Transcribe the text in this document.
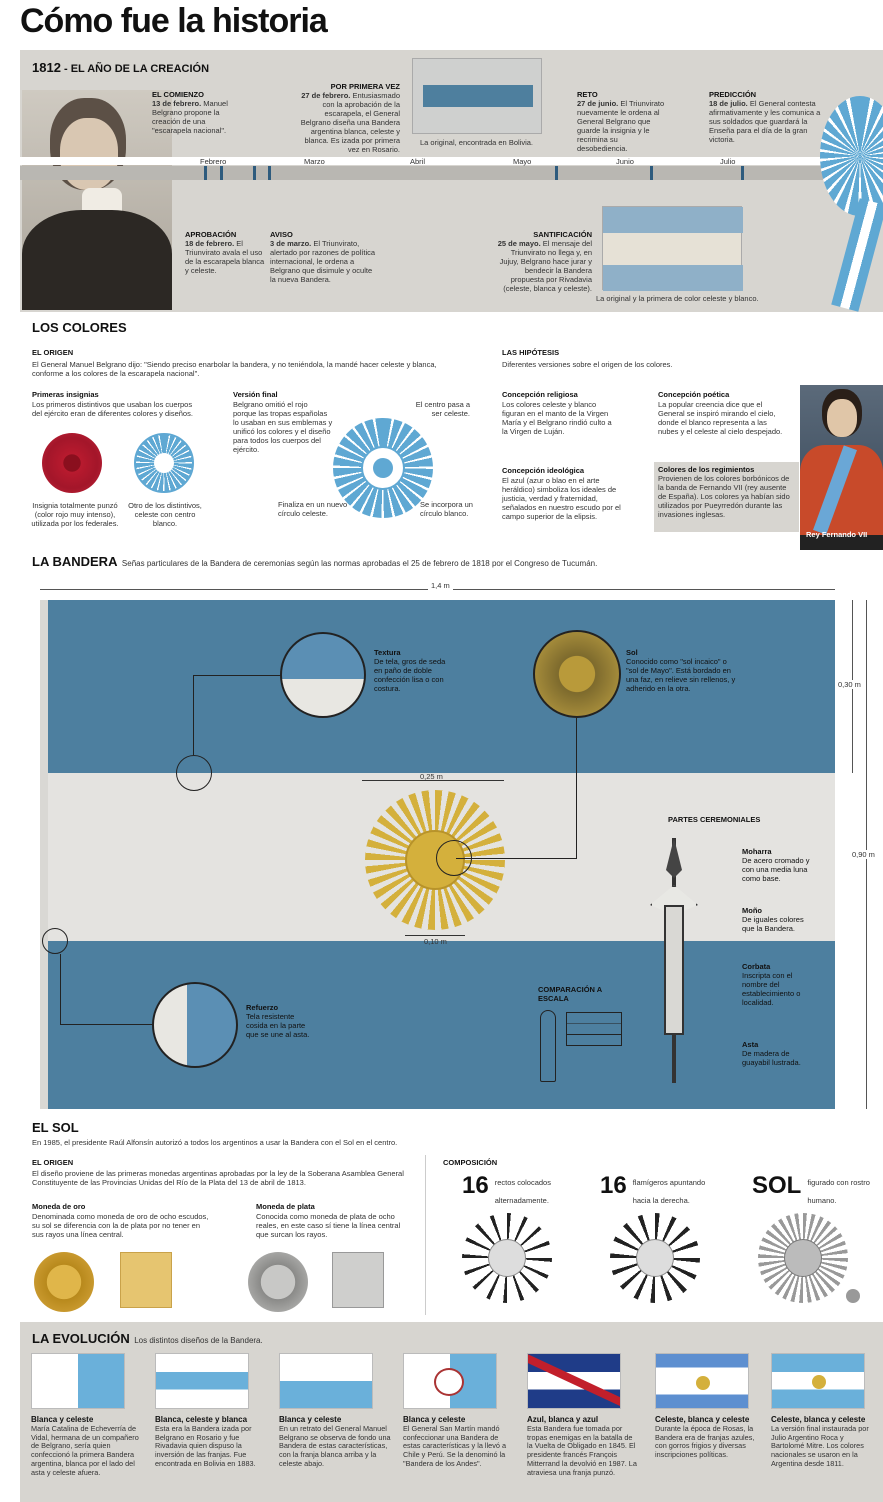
Cómo fue la historia
1812 - EL AÑO DE LA CREACIÓN
Febrero	Marzo	Abril	Mayo	Junio	Julio
EL COMIENZO
13 de febrero. Manuel Belgrano propone la creación de una "escarapela nacional".
APROBACIÓN
18 de febrero. El Triunvirato avala el uso de la escarapela blanca y celeste.
AVISO
3 de marzo. El Triunvirato, alertado por razones de política internacional, le ordena a Belgrano que disimule y oculte la nueva Bandera.
POR PRIMERA VEZ
27 de febrero. Entusiasmado con la aprobación de la escarapela, el General Belgrano diseña una Bandera argentina blanca, celeste y blanca. Es izada por primera vez en Rosario.
La original, encontrada en Bolivia.
SANTIFICACIÓN
25 de mayo. El mensaje del Triunvirato no llega y, en Jujuy, Belgrano hace jurar y bendecir la Bandera propuesta por Rivadavia (celeste, blanca y celeste).
La original y la primera de color celeste y blanco.
RETO
27 de junio. El Triunvirato nuevamente le ordena al General Belgrano que guarde la insignia y le recrimina su desobediencia.
PREDICCIÓN
18 de julio. El General contesta afirmativamente y les comunica a sus soldados que guardará la Enseña para el día de la gran victoria.
LOS COLORES
EL ORIGEN
El General Manuel Belgrano dijo: "Siendo preciso enarbolar la bandera, y no teniéndola, la mandé hacer celeste y blanca, conforme a los colores de la escarapela nacional".
Primeras insignias
Los primeros distintivos que usaban los cuerpos del ejército eran de diferentes colores y diseños.
Insignia totalmente punzó (color rojo muy intenso), utilizada por los federales.
Otro de los distintivos, celeste con centro blanco.
Versión final
Belgrano omitió el rojo porque las tropas españolas lo usaban en sus emblemas y unificó los colores y el diseño para todos los cuerpos del ejército.
El centro pasa a ser celeste.
Finaliza en un nuevo círculo celeste.
Se incorpora un círculo blanco.
LAS HIPÓTESIS
Diferentes versiones sobre el origen de los colores.
Concepción religiosa
Los colores celeste y blanco figuran en el manto de la Virgen María y el Belgrano rindió culto a la Virgen de Luján.
Concepción poética
La popular creencia dice que el General se inspiró mirando el cielo, donde el blanco representa a las nubes y el celeste al cielo despejado.
Concepción ideológica
El azul (azur o blao en el arte heráldico) simboliza los ideales de justicia, verdad y fraternidad, señalados en nuestro escudo por el campo superior de la elipsis.
Colores de los regimientos
Provienen de los colores borbónicos de la banda de Fernando VII (rey ausente de España). Los colores ya habían sido utilizados por Pueyrredón durante las invasiones inglesas.
Rey Fernando VII
LA BANDERA Señas particulares de la Bandera de ceremonias según las normas aprobadas el 25 de febrero de 1818 por el Congreso de Tucumán.
1,4 m
0,30 m
0,90 m
0,25 m
0,10 m
Textura
De tela, gros de seda en paño de doble confección lisa o con costura.
Sol
Conocido como "sol incaico" o "sol de Mayo". Está bordado en una faz, en relieve sin rellenos, y adherido en la otra.
Refuerzo
Tela resistente cosida en la parte que se une al asta.
PARTES CEREMONIALES
Moharra
De acero cromado y con una media luna como base.
Moño
De iguales colores que la Bandera.
Corbata
Inscripta con el nombre del establecimiento o localidad.
Asta
De madera de guayabil lustrada.
COMPARACIÓN A ESCALA
EL SOL
En 1985, el presidente Raúl Alfonsín autorizó a todos los argentinos a usar la Bandera con el Sol en el centro.
EL ORIGEN
El diseño proviene de las primeras monedas argentinas aprobadas por la ley de la Soberana Asamblea General Constituyente de las Provincias Unidas del Río de la Plata del 13 de abril de 1813.
Moneda de oro
Denominada como moneda de oro de ocho escudos, su sol se diferencia con la de plata por no tener en sus rayos una línea central.
Moneda de plata
Conocida como moneda de plata de ocho reales, en este caso sí tiene la línea central que surcan los rayos.
COMPOSICIÓN
16 rectos colocados alternadamente.
16 flamígeros apuntando hacia la derecha.
SOL figurado con rostro humano.
LA EVOLUCIÓN Los distintos diseños de la Bandera.
Blanca y celeste
María Catalina de Echeverría de Vidal, hermana de un compañero de Belgrano, sería quien confeccionó la primera Bandera argentina, blanca por el lado del asta y celeste afuera.
Blanca, celeste y blanca
Esta era la Bandera izada por Belgrano en Rosario y fue Rivadavia quien dispuso la inversión de las franjas. Fue encontrada en Bolivia en 1883.
Blanca y celeste
En un retrato del General Manuel Belgrano se observa de fondo una Bandera de estas características, con la franja blanca arriba y la celeste abajo.
Blanca y celeste
El General San Martín mandó confeccionar una Bandera de estas características y la llevó a Chile y Perú. Se la denominó la "Bandera de los Andes".
Azul, blanca y azul
Esta Bandera fue tomada por tropas enemigas en la batalla de la Vuelta de Obligado en 1845. El presidente francés François Mitterrand la devolvió en 1987. La atraviesa una franja punzó.
Celeste, blanca y celeste
Durante la época de Rosas, la Bandera era de franjas azules, con gorros frigios y diversas inscripciones políticas.
Celeste, blanca y celeste
La versión final instaurada por Julio Argentino Roca y Bartolomé Mitre. Los colores nacionales se usaron en la Argentina desde 1811.
